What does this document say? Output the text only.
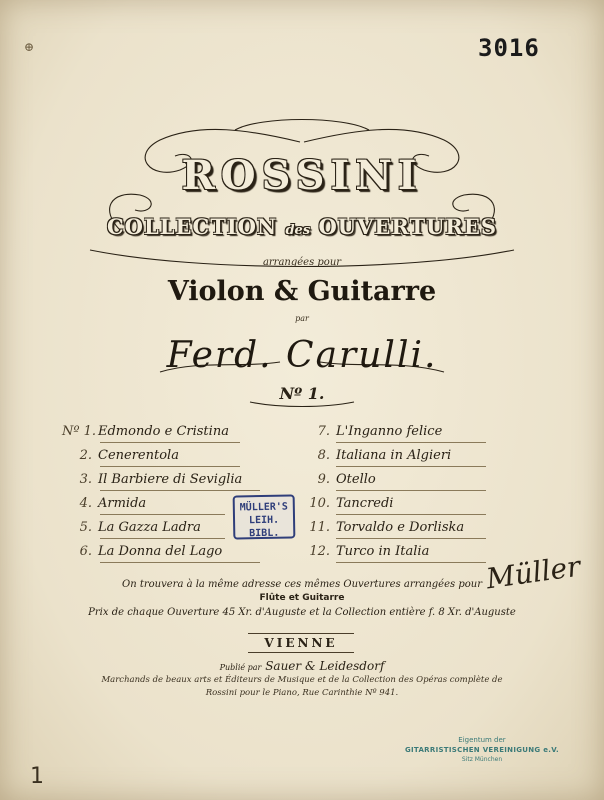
⊕	3016
ROSSINI
COLLECTION des OUVERTURES
arrangées pour
Violon & Guitarre
par
Ferd. Carulli.
Nº 1.
Nº 1. Edmondo e Cristina
2. Cenerentola
3. Il Barbiere di Seviglia
4. Armida
5. La Gazza Ladra
6. La Donna del Lago
7. L'Inganno felice
8. Italiana in Algieri
9. Otello
10. Tancredi
11. Torvaldo e Dorliska
12. Turco in Italia
MÜLLER'S
LEIH. BIBL.
Müller
On trouvera à la même adresse ces mêmes Ouvertures arrangées pour
Flûte et Guitarre
Prix de chaque Ouverture 45 Xr. d'Auguste et la Collection entière f. 8 Xr. d'Auguste
VIENNE
Publié par Sauer & Leidesdorf
Marchands de beaux arts et Éditeurs de Musique et de la Collection des Opéras complète de
Rossini pour le Piano, Rue Carinthie Nº 941.
Eigentum der
GITARRISTISCHEN VEREINIGUNG e.V.
Sitz München
1
